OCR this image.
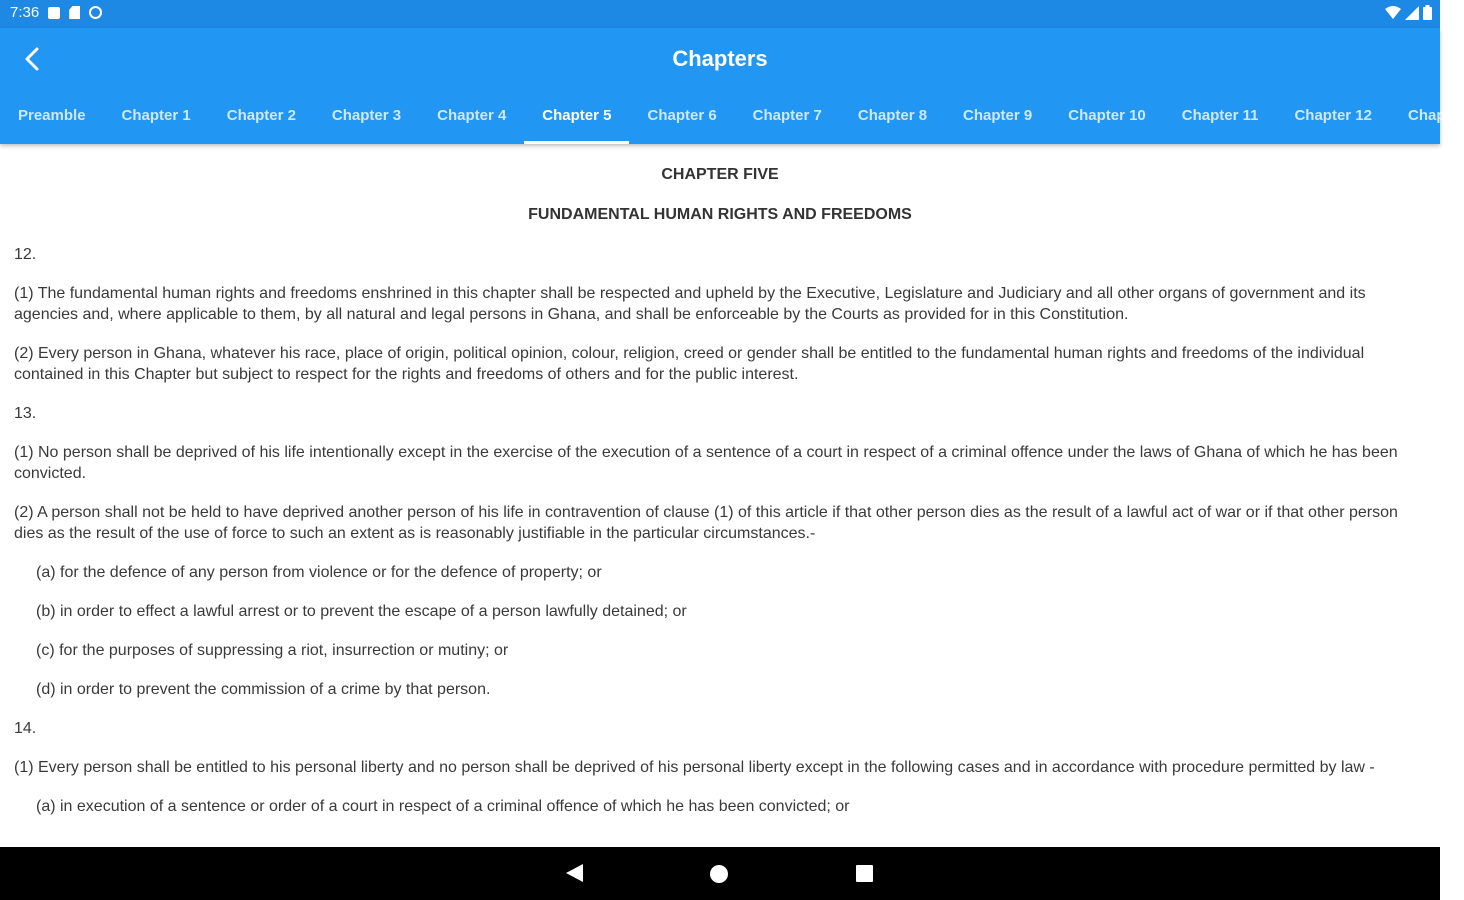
7:36
Chapters
Preamble	Chapter 1	Chapter 2	Chapter 3	Chapter 4	Chapter 5	Chapter 6	Chapter 7	Chapter 8	Chapter 9	Chapter 10	Chapter 11	Chapter 12	Chap

CHAPTER FIVE

FUNDAMENTAL HUMAN RIGHTS AND FREEDOMS

12.

(1) The fundamental human rights and freedoms enshrined in this chapter shall be respected and upheld by the Executive, Legislature and Judiciary and all other organs of government and its agencies and, where applicable to them, by all natural and legal persons in Ghana, and shall be enforceable by the Courts as provided for in this Constitution.

(2) Every person in Ghana, whatever his race, place of origin, political opinion, colour, religion, creed or gender shall be entitled to the fundamental human rights and freedoms of the individual contained in this Chapter but subject to respect for the rights and freedoms of others and for the public interest.

13.

(1) No person shall be deprived of his life intentionally except in the exercise of the execution of a sentence of a court in respect of a criminal offence under the laws of Ghana of which he has been convicted.

(2) A person shall not be held to have deprived another person of his life in contravention of clause (1) of this article if that other person dies as the result of a lawful act of war or if that other person dies as the result of the use of force to such an extent as is reasonably justifiable in the particular circumstances.-

(a) for the defence of any person from violence or for the defence of property; or

(b) in order to effect a lawful arrest or to prevent the escape of a person lawfully detained; or

(c) for the purposes of suppressing a riot, insurrection or mutiny; or

(d) in order to prevent the commission of a crime by that person.

14.

(1) Every person shall be entitled to his personal liberty and no person shall be deprived of his personal liberty except in the following cases and in accordance with procedure permitted by law -

(a) in execution of a sentence or order of a court in respect of a criminal offence of which he has been convicted; or
